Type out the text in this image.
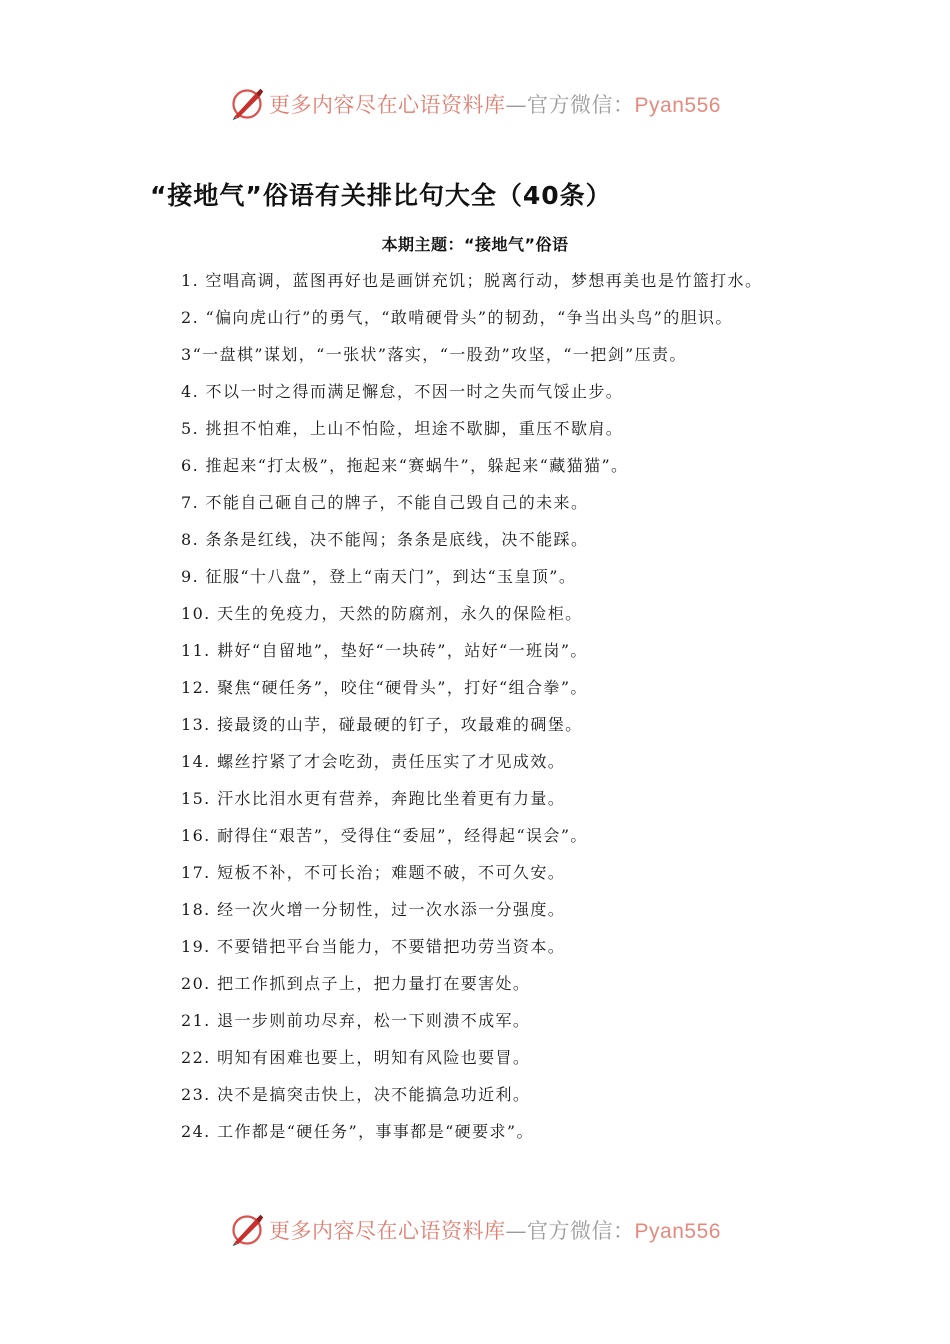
更多内容尽在心语资料库—官方微信：Pyan556
“接地气”俗语有关排比句大全（40条）
本期主题：“接地气”俗语
1. 空唱高调，蓝图再好也是画饼充饥；脱离行动，梦想再美也是竹篮打水。
2. “偏向虎山行”的勇气，“敢啃硬骨头”的韧劲，“争当出头鸟”的胆识。
3“一盘棋”谋划，“一张状”落实，“一股劲”攻坚，“一把剑”压责。
4. 不以一时之得而满足懈怠，不因一时之失而气馁止步。
5. 挑担不怕难，上山不怕险，坦途不歇脚，重压不歇肩。
6. 推起来“打太极”，拖起来“赛蜗牛”，躲起来“藏猫猫”。
7. 不能自己砸自己的牌子，不能自己毁自己的未来。
8. 条条是红线，决不能闯；条条是底线，决不能踩。
9. 征服“十八盘”，登上“南天门”，到达“玉皇顶”。
10. 天生的免疫力，天然的防腐剂，永久的保险柜。
11. 耕好“自留地”，垫好“一块砖”，站好“一班岗”。
12. 聚焦“硬任务”，咬住“硬骨头”，打好“组合拳”。
13. 接最烫的山芋，碰最硬的钉子，攻最难的碉堡。
14. 螺丝拧紧了才会吃劲，责任压实了才见成效。
15. 汗水比泪水更有营养，奔跑比坐着更有力量。
16. 耐得住“艰苦”，受得住“委屈”，经得起“误会”。
17. 短板不补，不可长治；难题不破，不可久安。
18. 经一次火增一分韧性，过一次水添一分强度。
19. 不要错把平台当能力，不要错把功劳当资本。
20. 把工作抓到点子上，把力量打在要害处。
21. 退一步则前功尽弃，松一下则溃不成军。
22. 明知有困难也要上，明知有风险也要冒。
23. 决不是搞突击快上，决不能搞急功近利。
24. 工作都是“硬任务”，事事都是“硬要求”。
更多内容尽在心语资料库—官方微信：Pyan556
